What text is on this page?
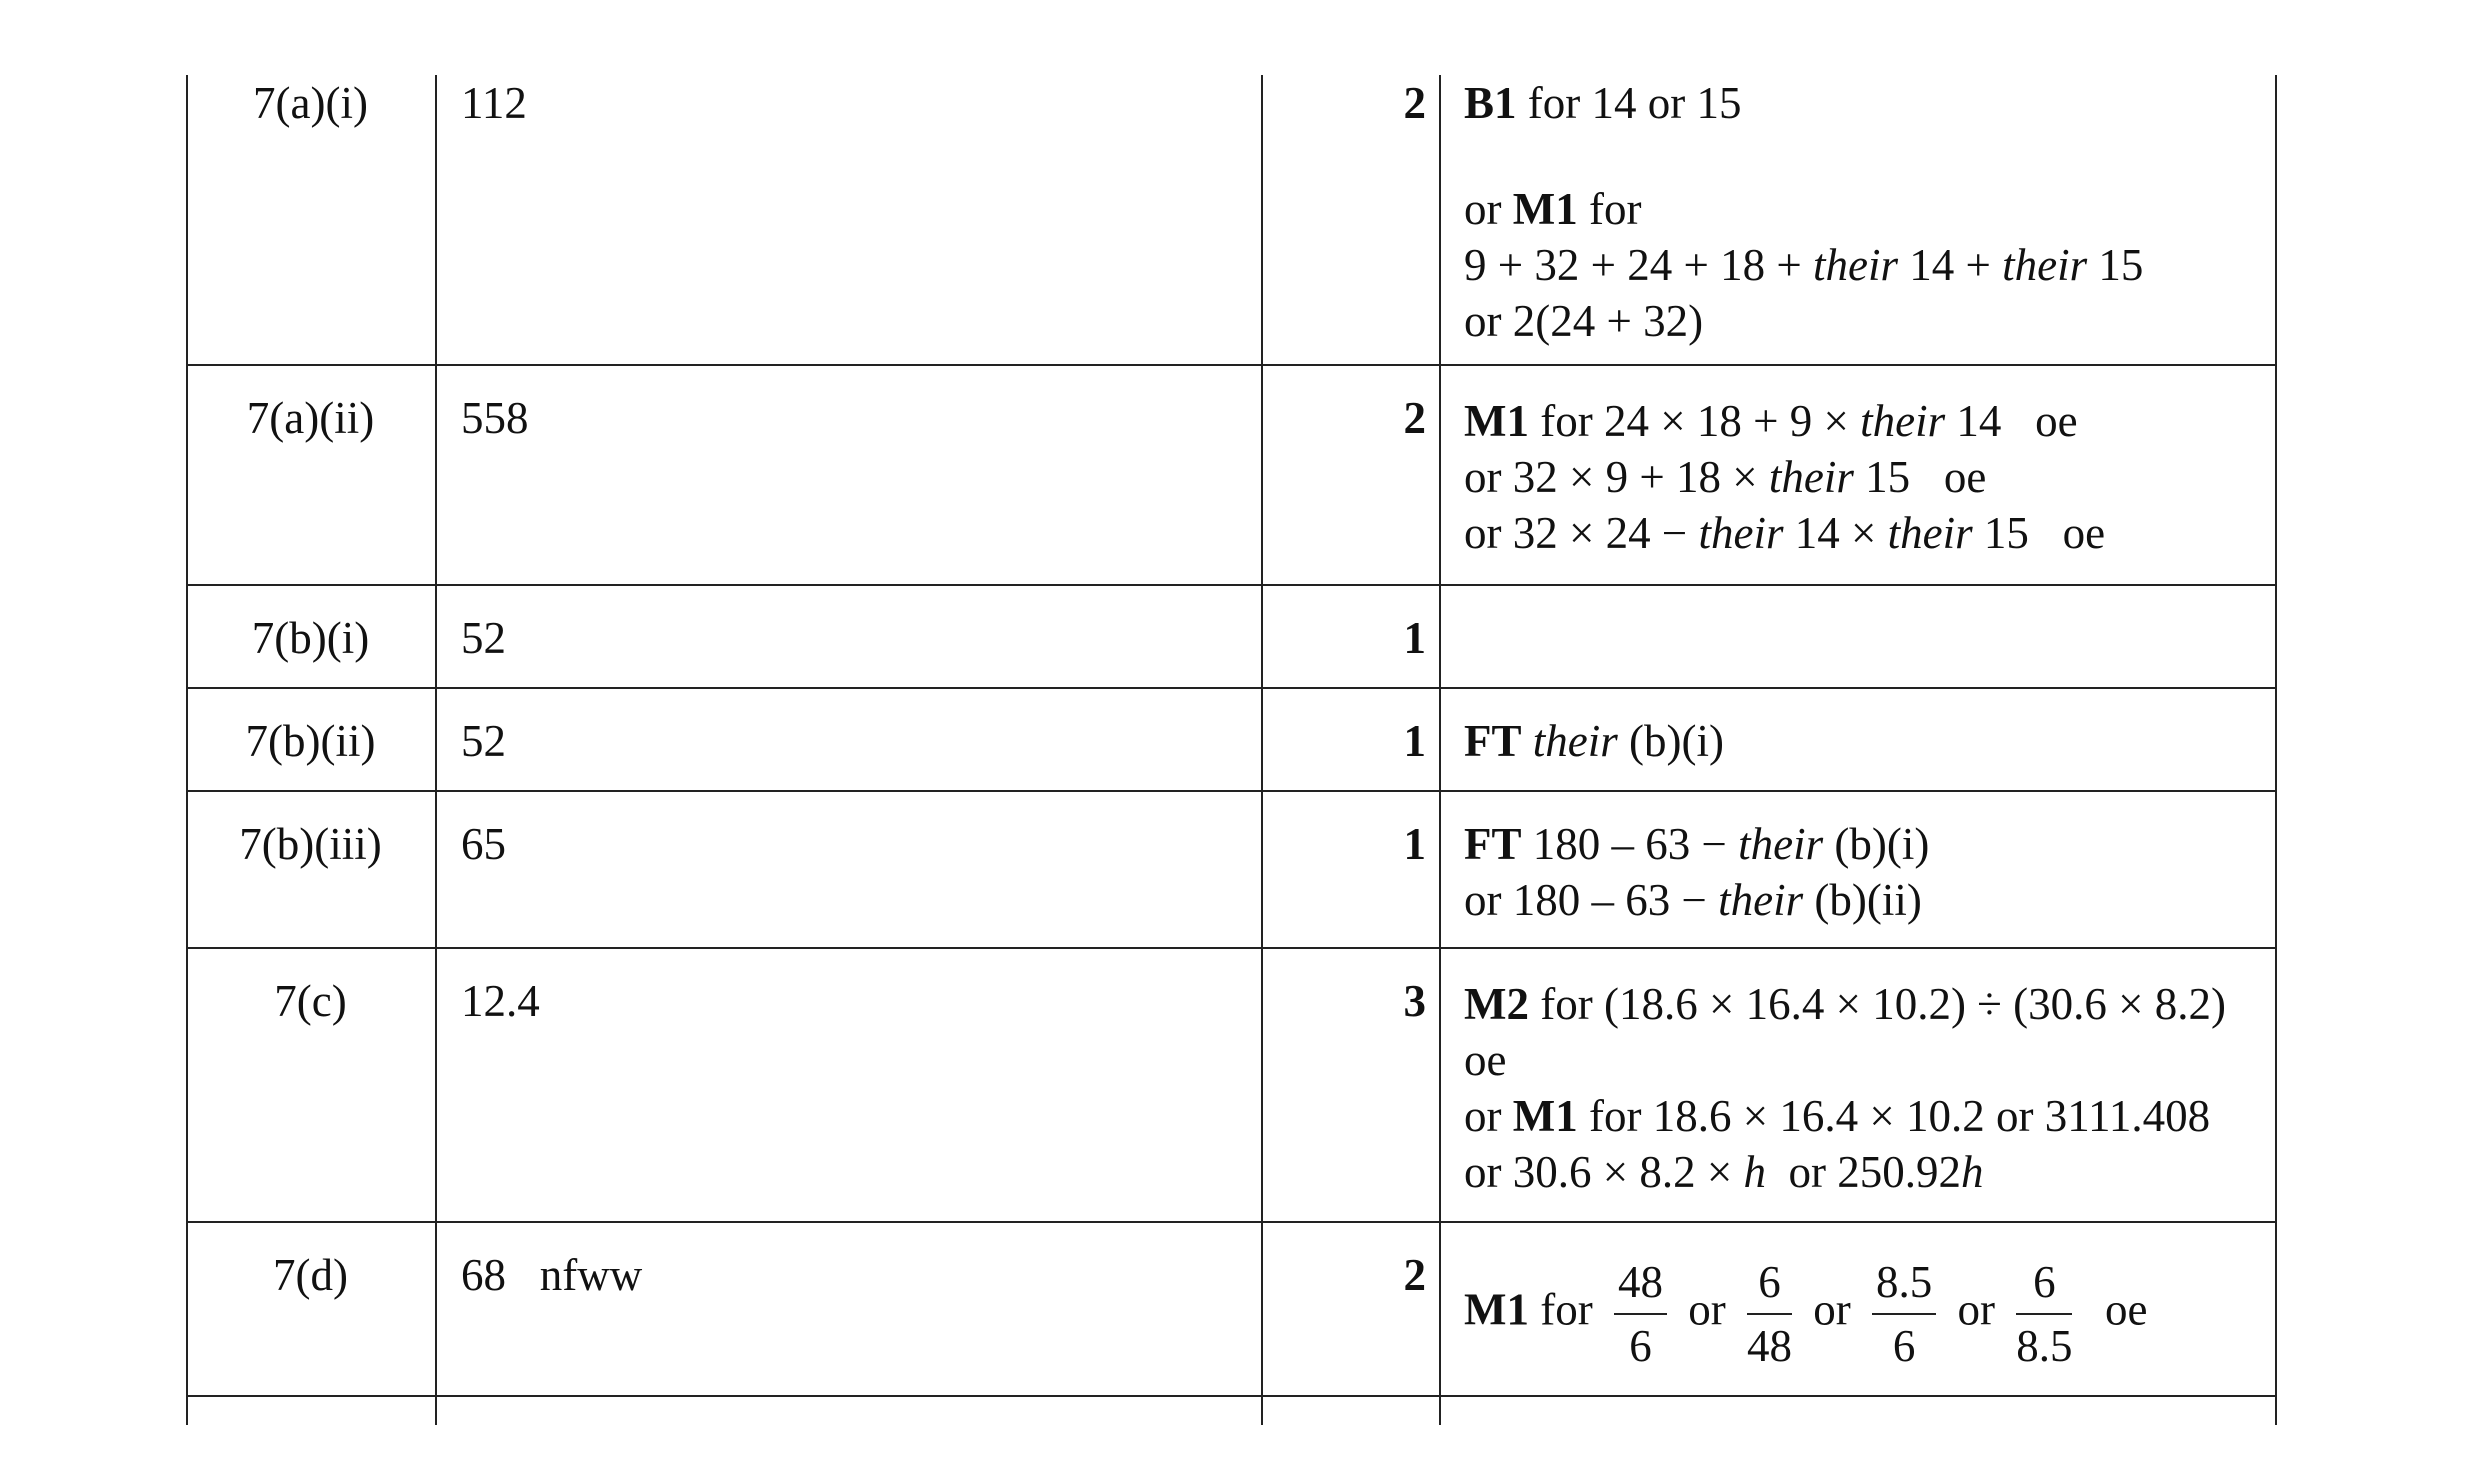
7(a)(i)	112	2 B1 for 14 or 15
or M1 for
9 + 32 + 24 + 18 + their 14 + their 15
or 2(24 + 32)
7(a)(ii)	558	2 M1 for 24 × 18 + 9 × their 14 oe
or 32 × 9 + 18 × their 15 oe
or 32 × 24 − their 14 × their 15 oe
7(b)(i)	52	1
7(b)(ii)	52	1 FT their (b)(i)
7(b)(iii)	65	1 FT 180 – 63 − their (b)(i)
or 180 – 63 − their (b)(ii)
7(c)	12.4	3 M2 for (18.6 × 16.4 × 10.2) ÷ (30.6 × 8.2)
oe
or M1 for 18.6 × 16.4 × 10.2 or 3111.408
or 30.6 × 8.2 × h or 250.92h
7(d)	68   nfww	2
M1 for $\frac{48}{6}$ or $\frac{6}{48}$ or $\frac{8.5}{6}$ or $\frac{6}{8.5}$ oe
